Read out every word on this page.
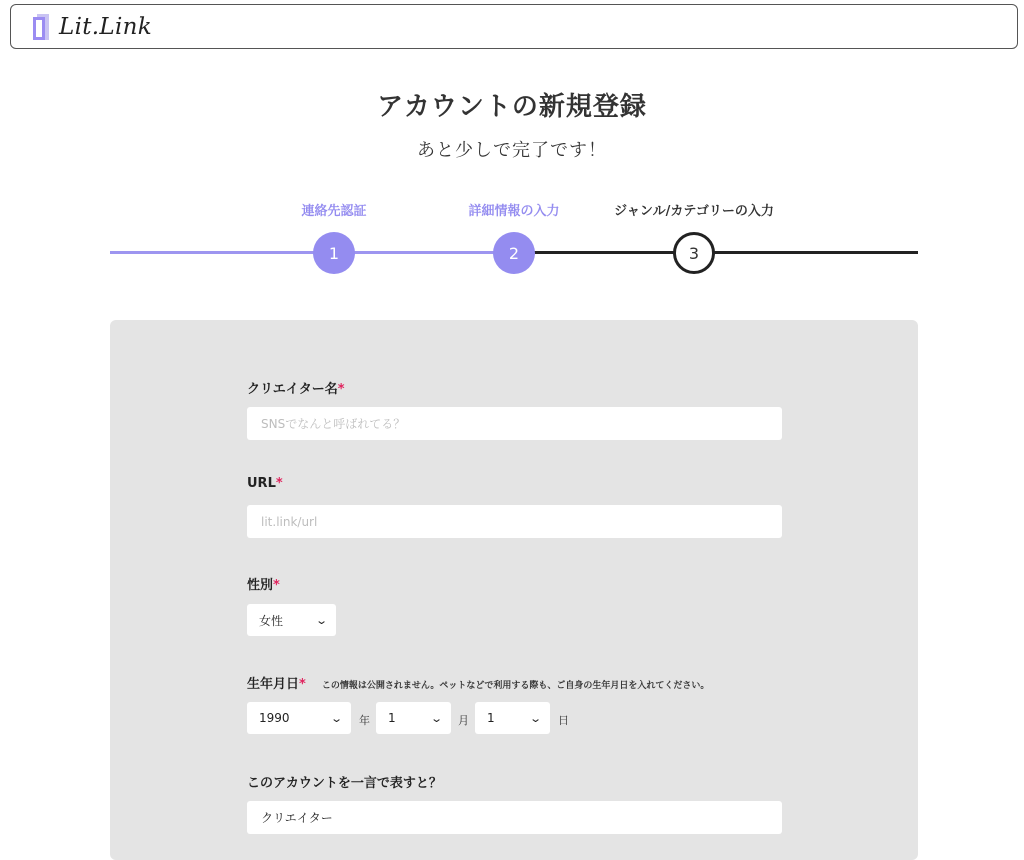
Lit.Link
アカウントの新規登録

あと少しで完了です！

連絡先認証	詳細情報の入力	ジャンル/カテゴリーの入力
1	2	3
クリエイター名*
SNSでなんと呼ばれてる？
URL*
lit.link/url
性別*
女性	⌄
生年月日* この情報は公開されません。ペットなどで利用する際も、ご自身の生年月日を入れてください。
1990	⌄ 年 1	⌄ 月 1	⌄ 日
このアカウントを一言で表すと？
クリエイター
